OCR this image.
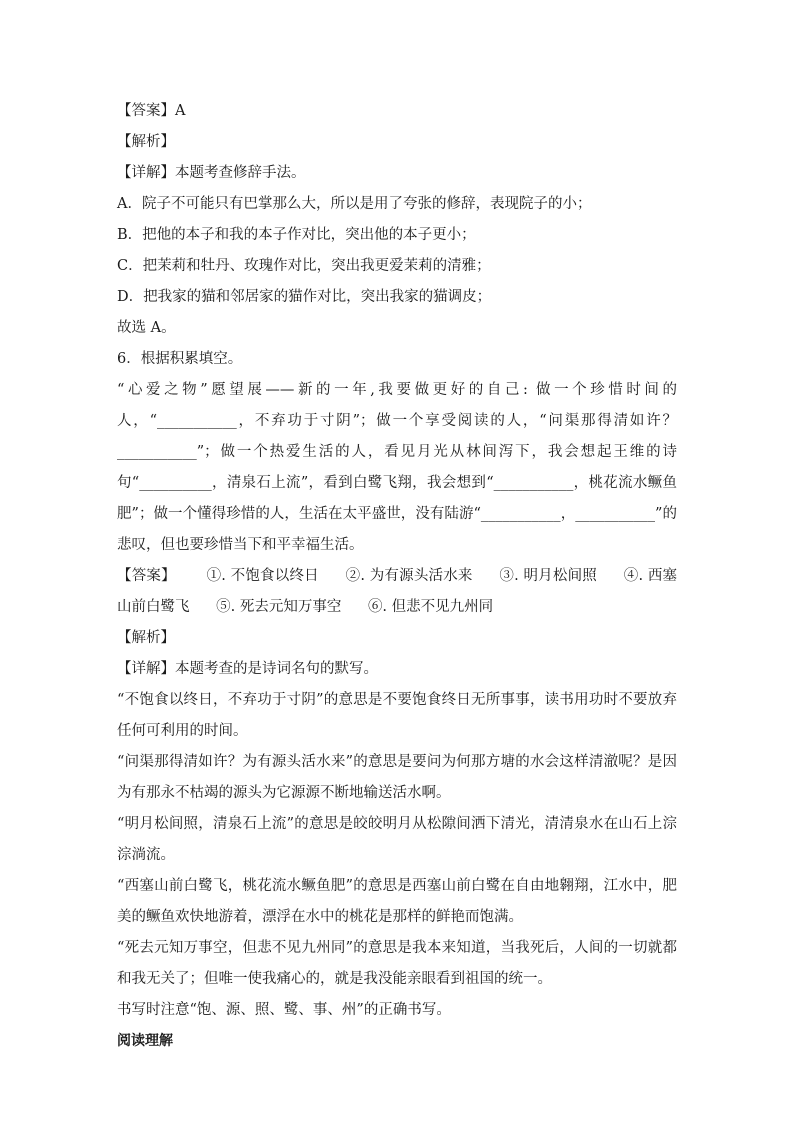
【答案】A
【解析】
【详解】本题考查修辞手法。
A．院子不可能只有巴掌那么大，所以是用了夸张的修辞，表现院子的小；
B．把他的本子和我的本子作对比，突出他的本子更小；
C．把茉莉和牡丹、玫瑰作对比，突出我更爱茉莉的清雅；
D．把我家的猫和邻居家的猫作对比，突出我家的猫调皮；
故选 A。
6．根据积累填空。
“心爱之物”愿望展——新的一年,我要做更好的自己: 做一个珍惜时间的人，“___________，不弃功于寸阴”；做一个享受阅读的人，“问渠那得清如许？___________”；做一个热爱生活的人，看见月光从林间泻下，我会想起王维的诗句“__________，清泉石上流”，看到白鹭飞翔，我会想到“___________，桃花流水鳜鱼肥”；做一个懂得珍惜的人，生活在太平盛世，没有陆游“___________，___________”的悲叹，但也要珍惜当下和平幸福生活。
【答案】 ①. 不饱食以终日 ②. 为有源头活水来 ③. 明月松间照 ④. 西塞山前白鹭飞 ⑤. 死去元知万事空 ⑥. 但悲不见九州同
【解析】
【详解】本题考查的是诗词名句的默写。
“不饱食以终日，不弃功于寸阴”的意思是不要饱食终日无所事事，读书用功时不要放弃任何可利用的时间。
“问渠那得清如许？为有源头活水来”的意思是要问为何那方塘的水会这样清澈呢？是因为有那永不枯竭的源头为它源源不断地输送活水啊。
“明月松间照，清泉石上流”的意思是皎皎明月从松隙间洒下清光，清清泉水在山石上淙淙淌流。
“西塞山前白鹭飞，桃花流水鳜鱼肥”的意思是西塞山前白鹭在自由地翱翔，江水中，肥美的鳜鱼欢快地游着，漂浮在水中的桃花是那样的鲜艳而饱满。
“死去元知万事空，但悲不见九州同”的意思是我本来知道，当我死后，人间的一切就都和我无关了；但唯一使我痛心的，就是我没能亲眼看到祖国的统一。
书写时注意“饱、源、照、鹭、事、州”的正确书写。
阅读理解
